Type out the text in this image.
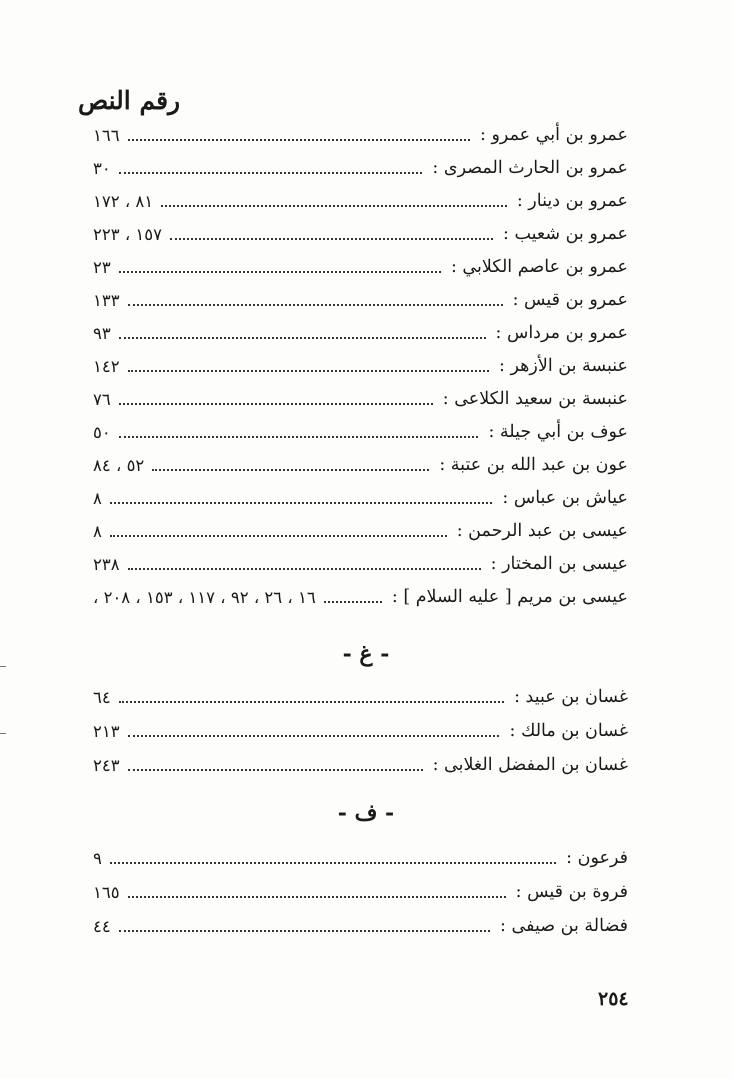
رقم النص
عمرو بن أبي عمرو :
١٦٦
عمرو بن الحارث المصرى :
٣٠
عمرو بن دينار :
٨١ ، ١٧٢
عمرو بن شعيب :
١٥٧ ، ٢٢٣
عمرو بن عاصم الكلابي :
٢٣
عمرو بن قيس :
١٣٣
عمرو بن مرداس :
٩٣
عنبسة بن الأزهر :
١٤٢
عنبسة بن سعيد الكلاعى :
٧٦
عوف بن أبي جيلة :
٥٠
عون بن عبد الله بن عتبة :
٥٢ ، ٨٤
عياش بن عباس :
٨
عيسى بن عبد الرحمن :
٨
عيسى بن المختار :
٢٣٨
عيسى بن مريم [ عليه السلام ] :
١٦ ، ٢٦ ، ٩٢ ، ١١٧ ، ١٥٣ ، ٢٠٨ ،
غسان بن عبيد :
٦٤
غسان بن مالك :
٢١٣
غسان بن المفضل الغلابى :
٢٤٣
فرعون :
٩
فروة بن قيس :
١٦٥
فضالة بن صيفى :
٤٤
- غ -
- ف -
٢٥٤
